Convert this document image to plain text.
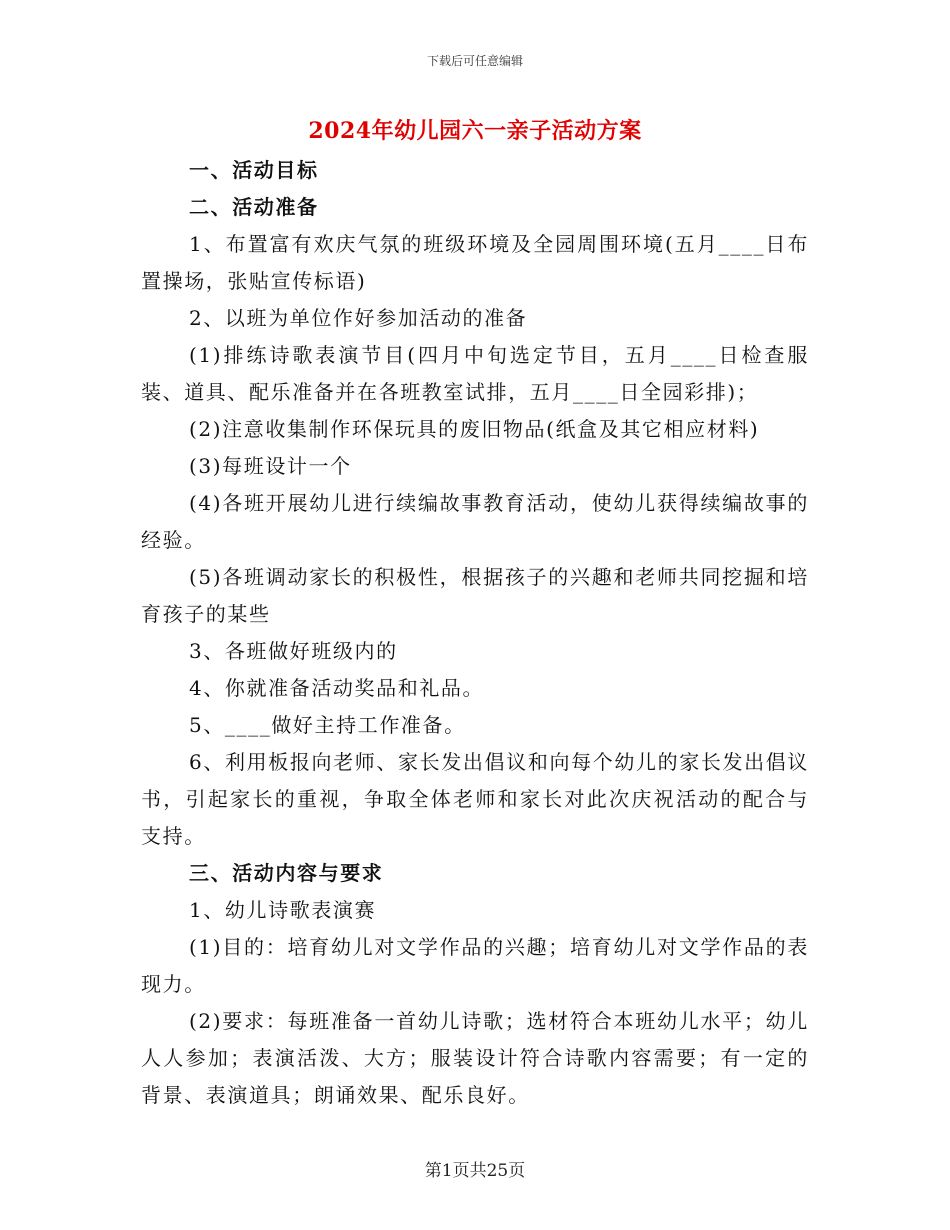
下载后可任意编辑
2024年幼儿园六一亲子活动方案

一、活动目标

二、活动准备

1、布置富有欢庆气氛的班级环境及全园周围环境(五月____日布置操场，张贴宣传标语)

2、以班为单位作好参加活动的准备

(1)排练诗歌表演节目(四月中旬选定节目，五月____日检查服装、道具、配乐准备并在各班教室试排，五月____日全园彩排)；

(2)注意收集制作环保玩具的废旧物品(纸盒及其它相应材料)

(3)每班设计一个

(4)各班开展幼儿进行续编故事教育活动，使幼儿获得续编故事的经验。

(5)各班调动家长的积极性，根据孩子的兴趣和老师共同挖掘和培育孩子的某些

3、各班做好班级内的

4、你就准备活动奖品和礼品。

5、____做好主持工作准备。

6、利用板报向老师、家长发出倡议和向每个幼儿的家长发出倡议书，引起家长的重视，争取全体老师和家长对此次庆祝活动的配合与支持。

三、活动内容与要求

1、幼儿诗歌表演赛

(1)目的：培育幼儿对文学作品的兴趣；培育幼儿对文学作品的表现力。

(2)要求：每班准备一首幼儿诗歌；选材符合本班幼儿水平；幼儿人人参加；表演活泼、大方；服装设计符合诗歌内容需要；有一定的背景、表演道具；朗诵效果、配乐良好。

第1页共25页
